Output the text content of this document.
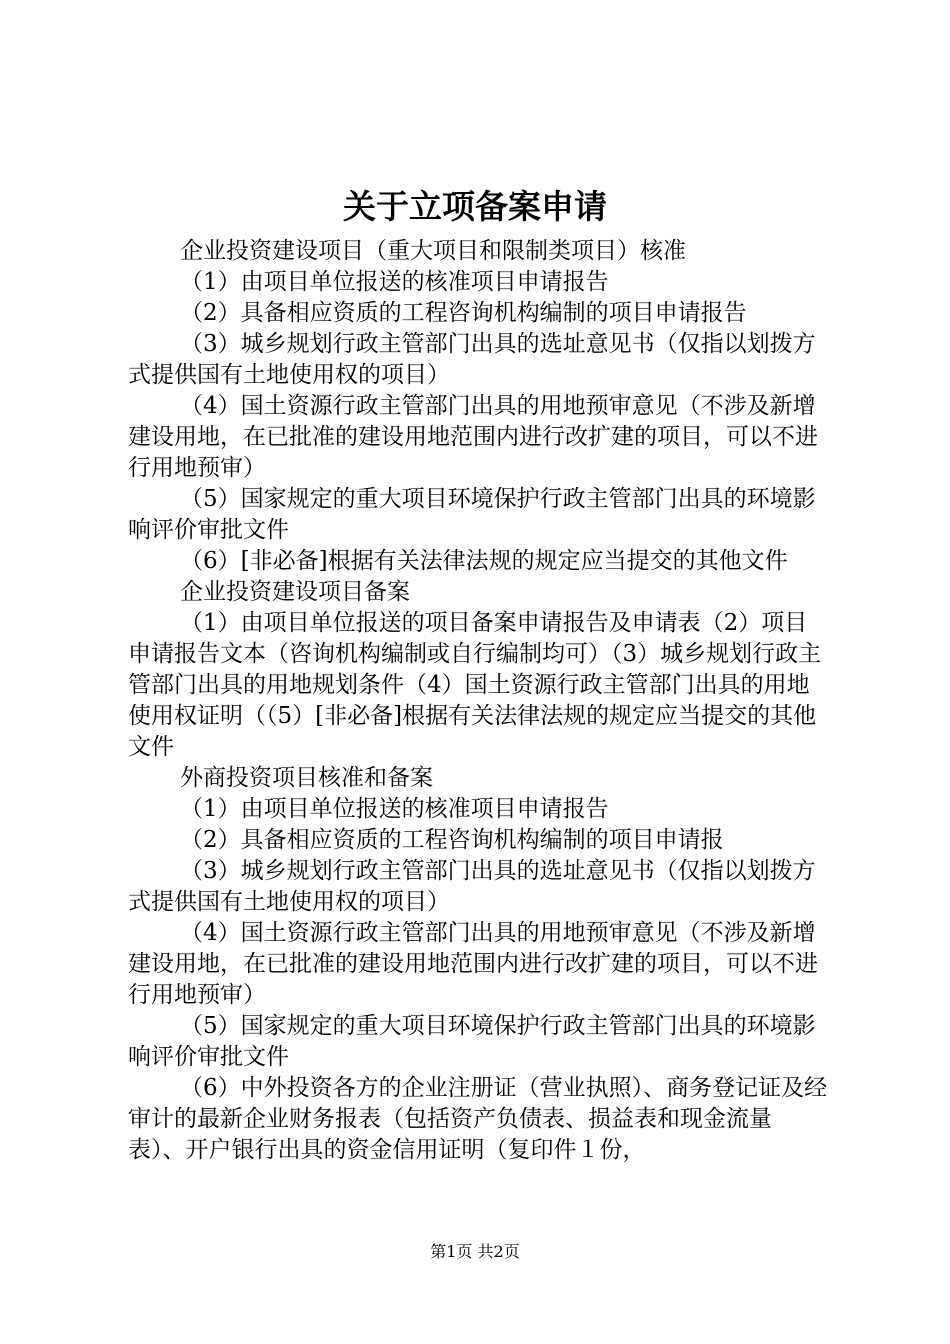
关于立项备案申请

企业投资建设项目（重大项目和限制类项目）核准

（1）由项目单位报送的核准项目申请报告

（2）具备相应资质的工程咨询机构编制的项目申请报告

（3）城乡规划行政主管部门出具的选址意见书（仅指以划拨方式提供国有土地使用权的项目）

（4）国土资源行政主管部门出具的用地预审意见（不涉及新增建设用地，在已批准的建设用地范围内进行改扩建的项目，可以不进行用地预审）

（5）国家规定的重大项目环境保护行政主管部门出具的环境影响评价审批文件

（6）[非必备]根据有关法律法规的规定应当提交的其他文件

企业投资建设项目备案

（1）由项目单位报送的项目备案申请报告及申请表（2）项目申请报告文本（咨询机构编制或自行编制均可）（3）城乡规划行政主管部门出具的用地规划条件（4）国土资源行政主管部门出具的用地使用权证明（（5）[非必备]根据有关法律法规的规定应当提交的其他文件

外商投资项目核准和备案

（1）由项目单位报送的核准项目申请报告

（2）具备相应资质的工程咨询机构编制的项目申请报

（3）城乡规划行政主管部门出具的选址意见书（仅指以划拨方式提供国有土地使用权的项目）

（4）国土资源行政主管部门出具的用地预审意见（不涉及新增建设用地，在已批准的建设用地范围内进行改扩建的项目，可以不进行用地预审）

（5）国家规定的重大项目环境保护行政主管部门出具的环境影响评价审批文件

（6）中外投资各方的企业注册证（营业执照）、商务登记证及经审计的最新企业财务报表（包括资产负债表、损益表和现金流量表）、开户银行出具的资金信用证明（复印件１份，

第1页 共2页
